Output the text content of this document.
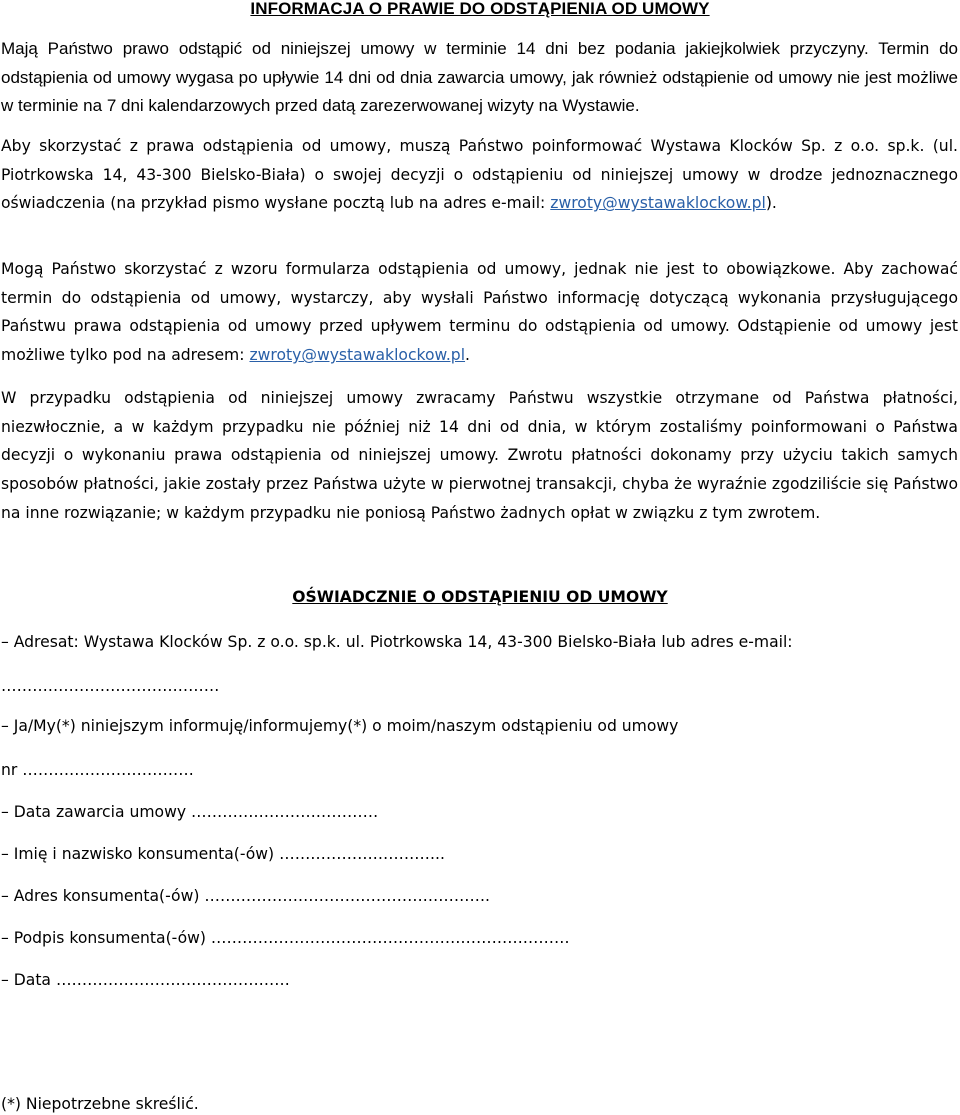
INFORMACJA O PRAWIE DO ODSTĄPIENIA OD UMOWY

Mają Państwo prawo odstąpić od niniejszej umowy w terminie 14 dni bez podania jakiejkolwiek przyczyny. Termin do odstąpienia od umowy wygasa po upływie 14 dni od dnia zawarcia umowy, jak również odstąpienie od umowy nie jest możliwe w terminie na 7 dni kalendarzowych przed datą zarezerwowanej wizyty na Wystawie.

Aby skorzystać z prawa odstąpienia od umowy, muszą Państwo poinformować Wystawa Klocków Sp. z o.o. sp.k. (ul. Piotrkowska 14, 43-300 Bielsko-Biała) o swojej decyzji o odstąpieniu od niniejszej umowy w drodze jednoznacznego oświadczenia (na przykład pismo wysłane pocztą lub na adres e-mail: zwroty@wystawaklockow.pl).

Mogą Państwo skorzystać z wzoru formularza odstąpienia od umowy, jednak nie jest to obowiązkowe. Aby zachować termin do odstąpienia od umowy, wystarczy, aby wysłali Państwo informację dotyczącą wykonania przysługującego Państwu prawa odstąpienia od umowy przed upływem terminu do odstąpienia od umowy. Odstąpienie od umowy jest możliwe tylko pod na adresem: zwroty@wystawaklockow.pl.

W przypadku odstąpienia od niniejszej umowy zwracamy Państwu wszystkie otrzymane od Państwa płatności, niezwłocznie, a w każdym przypadku nie później niż 14 dni od dnia, w którym zostaliśmy poinformowani o Państwa decyzji o wykonaniu prawa odstąpienia od niniejszej umowy. Zwrotu płatności dokonamy przy użyciu takich samych sposobów płatności, jakie zostały przez Państwa użyte w pierwotnej transakcji, chyba że wyraźnie zgodziliście się Państwo na inne rozwiązanie; w każdym przypadku nie poniosą Państwo żadnych opłat w związku z tym zwrotem.

OŚWIADCZNIE O ODSTĄPIENIU OD UMOWY

– Adresat: Wystawa Klocków Sp. z o.o. sp.k. ul. Piotrkowska 14, 43-300 Bielsko-Biała lub adres e-mail:

……………………………………

– Ja/My(*) niniejszym informuję/informujemy(*) o moim/naszym odstąpieniu od umowy

nr ……………………………

– Data zawarcia umowy ………………………………

– Imię i nazwisko konsumenta(-ów) …………………………..

– Adres konsumenta(-ów) ……………………………………………….

– Podpis konsumenta(-ów) ……………………………………………………………

– Data ………………………………………

(*) Niepotrzebne skreślić.
